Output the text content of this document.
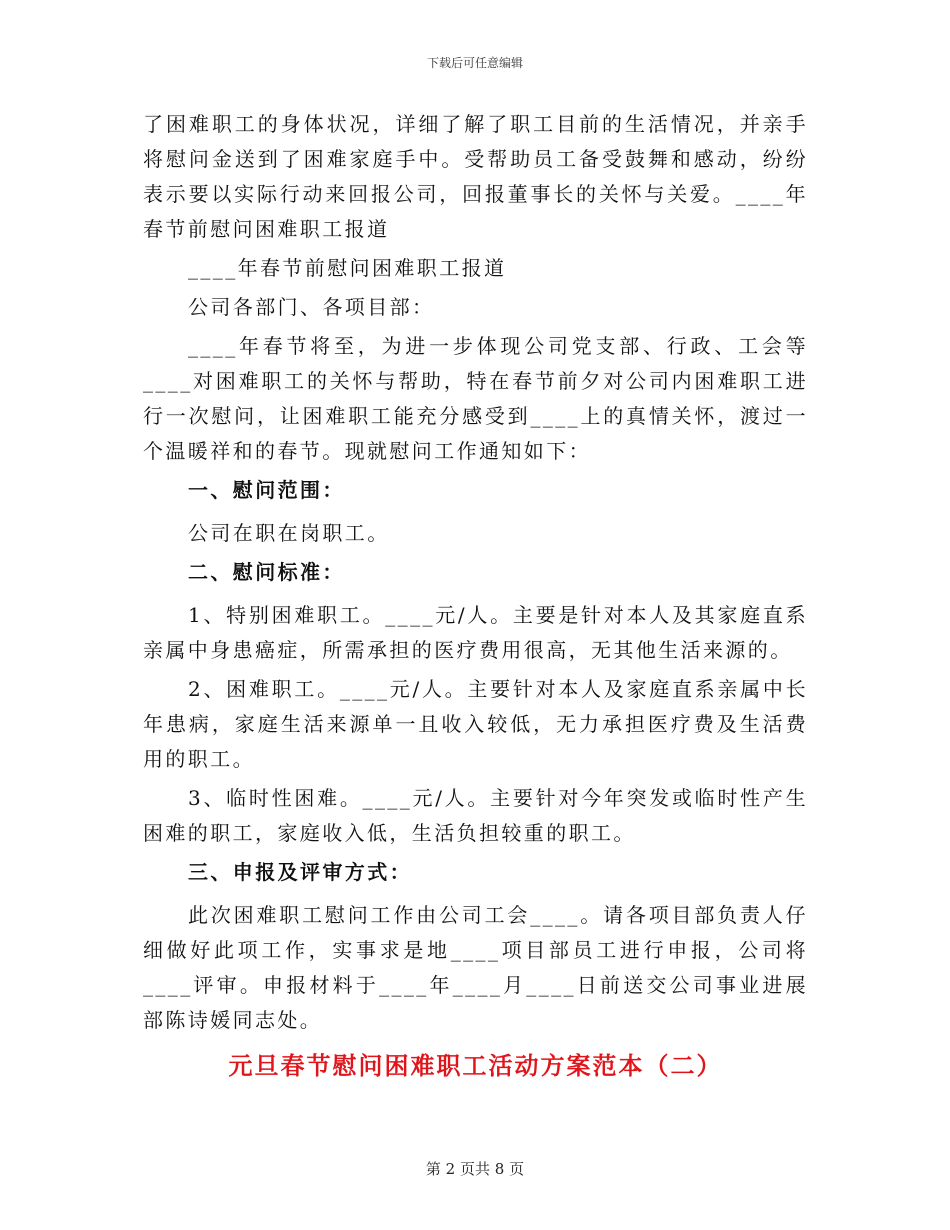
下载后可任意编辑

了困难职工的身体状况，详细了解了职工目前的生活情况，并亲手将慰问金送到了困难家庭手中。受帮助员工备受鼓舞和感动，纷纷表示要以实际行动来回报公司，回报董事长的关怀与关爱。____年春节前慰问困难职工报道

____年春节前慰问困难职工报道

公司各部门、各项目部：

____年春节将至，为进一步体现公司党支部、行政、工会等____对困难职工的关怀与帮助，特在春节前夕对公司内困难职工进行一次慰问，让困难职工能充分感受到____上的真情关怀，渡过一个温暖祥和的春节。现就慰问工作通知如下：

一、慰问范围：

公司在职在岗职工。

二、慰问标准：

1、特别困难职工。____元/人。主要是针对本人及其家庭直系亲属中身患癌症，所需承担的医疗费用很高，无其他生活来源的。

2、困难职工。____元/人。主要针对本人及家庭直系亲属中长年患病，家庭生活来源单一且收入较低，无力承担医疗费及生活费用的职工。

3、临时性困难。____元/人。主要针对今年突发或临时性产生困难的职工，家庭收入低，生活负担较重的职工。

三、申报及评审方式：

此次困难职工慰问工作由公司工会____。请各项目部负责人仔细做好此项工作，实事求是地____项目部员工进行申报，公司将____评审。申报材料于____年____月____日前送交公司事业进展部陈诗媛同志处。

元旦春节慰问困难职工活动方案范本（二）
第 2 页共 8 页
